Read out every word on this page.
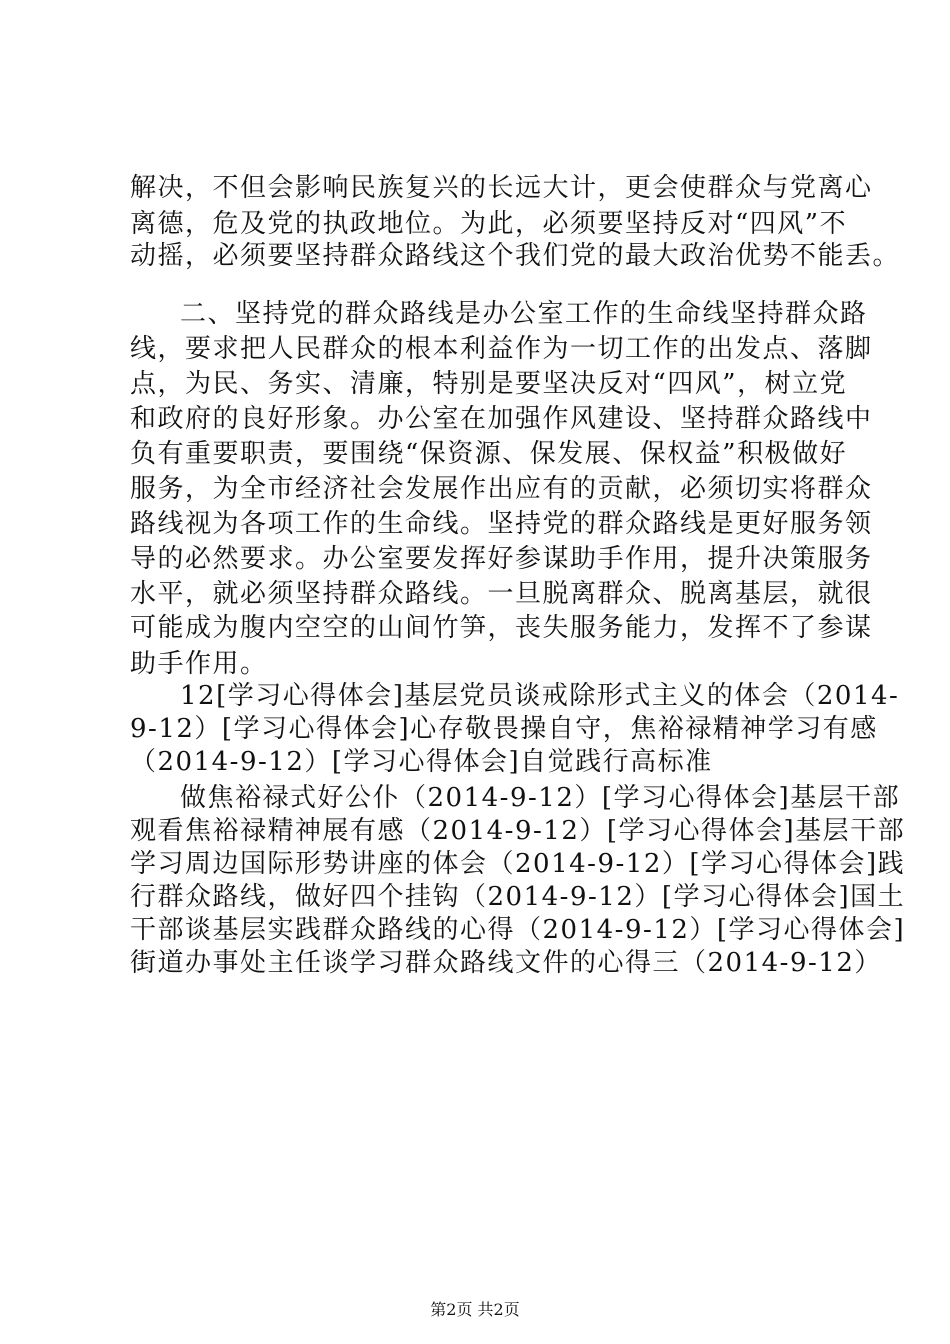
解决，不但会影响民族复兴的长远大计，更会使群众与党离心
离德，危及党的执政地位。为此，必须要坚持反对“四风”不
动摇，必须要坚持群众路线这个我们党的最大政治优势不能丢。
二、坚持党的群众路线是办公室工作的生命线坚持群众路
线，要求把人民群众的根本利益作为一切工作的出发点、落脚
点，为民、务实、清廉，特别是要坚决反对“四风”，树立党
和政府的良好形象。办公室在加强作风建设、坚持群众路线中
负有重要职责，要围绕“保资源、保发展、保权益”积极做好
服务，为全市经济社会发展作出应有的贡献，必须切实将群众
路线视为各项工作的生命线。坚持党的群众路线是更好服务领
导的必然要求。办公室要发挥好参谋助手作用，提升决策服务
水平，就必须坚持群众路线。一旦脱离群众、脱离基层，就很
可能成为腹内空空的山间竹笋，丧失服务能力，发挥不了参谋
助手作用。
12[学习心得体会]基层党员谈戒除形式主义的体会（2014-
9-12）[学习心得体会]心存敬畏操自守，焦裕禄精神学习有感
（2014-9-12）[学习心得体会]自觉践行高标准
做焦裕禄式好公仆（2014-9-12）[学习心得体会]基层干部
观看焦裕禄精神展有感（2014-9-12）[学习心得体会]基层干部
学习周边国际形势讲座的体会（2014-9-12）[学习心得体会]践
行群众路线，做好四个挂钩（2014-9-12）[学习心得体会]国土
干部谈基层实践群众路线的心得（2014-9-12）[学习心得体会]
街道办事处主任谈学习群众路线文件的心得三（2014-9-12）
第2页 共2页
